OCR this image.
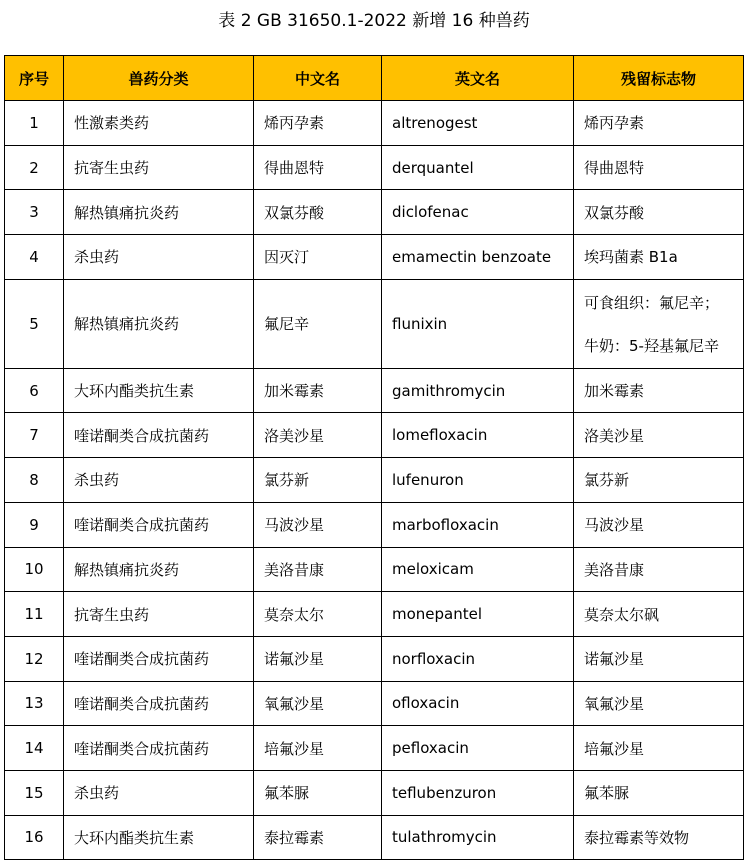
表 2 GB 31650.1-2022 新增 16 种兽药
序号	兽药分类	中文名	英文名	残留标志物
1	性激素类药	烯丙孕素	altrenogest	烯丙孕素

2	抗寄生虫药	得曲恩特	derquantel	得曲恩特

3	解热镇痛抗炎药	双氯芬酸	diclofenac	双氯芬酸

4	杀虫药	因灭汀	emamectin benzoate	埃玛菌素 B1a

5	解热镇痛抗炎药	氟尼辛	flunixin	可食组织：氟尼辛；
牛奶：5-羟基氟尼辛

6	大环内酯类抗生素	加米霉素	gamithromycin	加米霉素

7	喹诺酮类合成抗菌药	洛美沙星	lomefloxacin	洛美沙星

8	杀虫药	氯芬新	lufenuron	氯芬新

9	喹诺酮类合成抗菌药	马波沙星	marbofloxacin	马波沙星

10	解热镇痛抗炎药	美洛昔康	meloxicam	美洛昔康

11	抗寄生虫药	莫奈太尔	monepantel	莫奈太尔砜

12	喹诺酮类合成抗菌药	诺氟沙星	norfloxacin	诺氟沙星

13	喹诺酮类合成抗菌药	氧氟沙星	ofloxacin	氧氟沙星

14	喹诺酮类合成抗菌药	培氟沙星	pefloxacin	培氟沙星

15	杀虫药	氟苯脲	teflubenzuron	氟苯脲

16	大环内酯类抗生素	泰拉霉素	tulathromycin	泰拉霉素等效物
